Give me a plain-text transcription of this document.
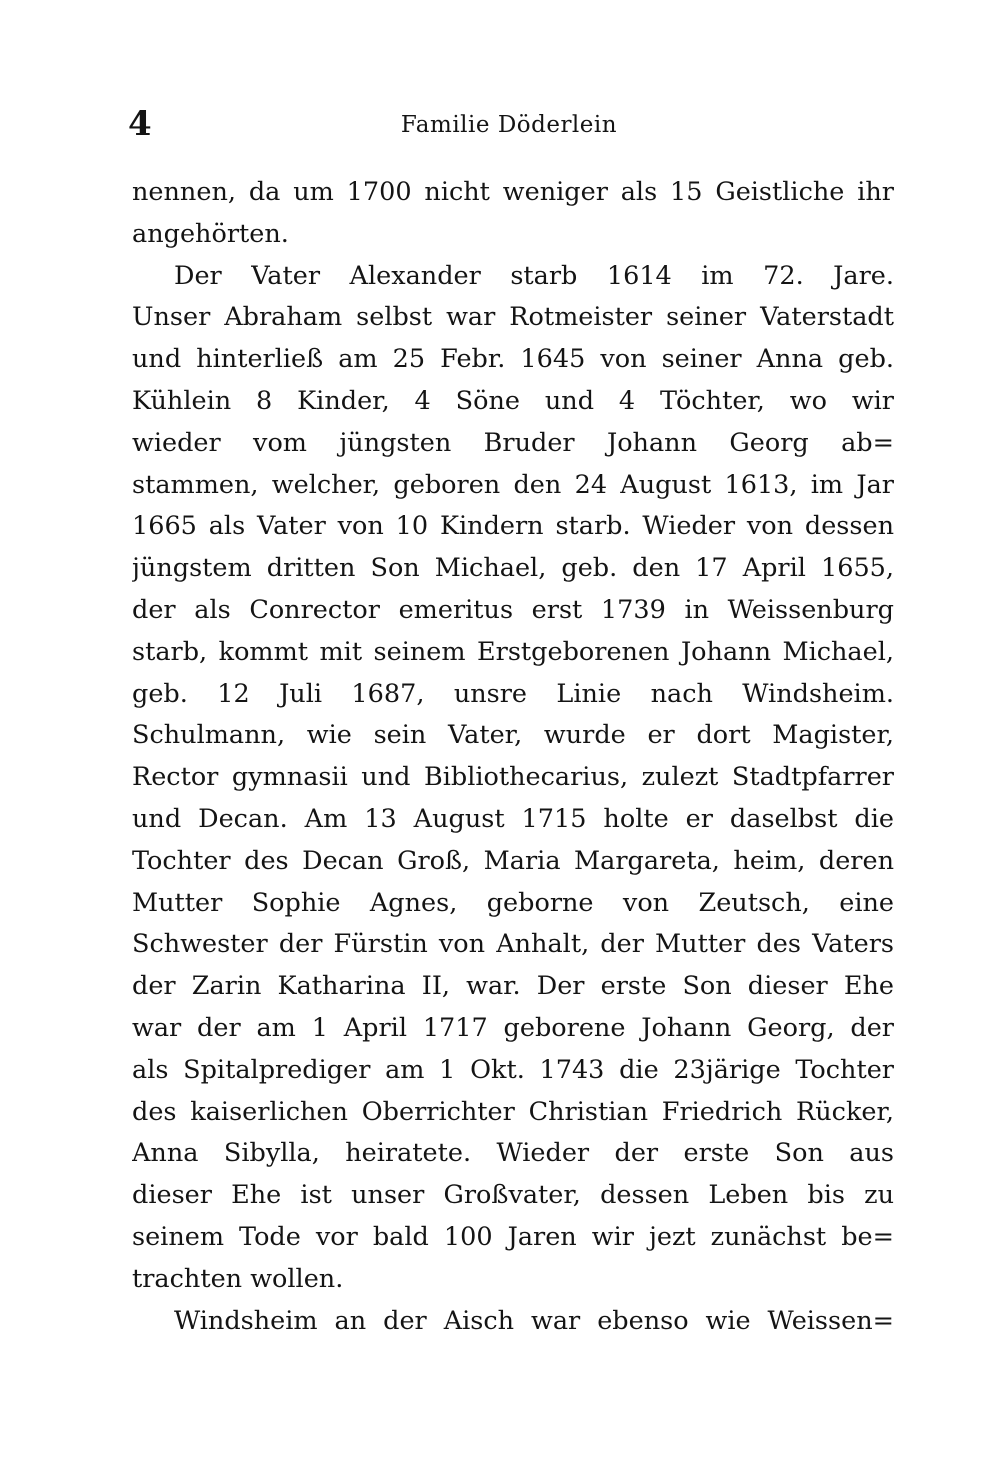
4	Familie Döderlein
nennen, da um 1700 nicht weniger als 15 Geistliche ihr
angehörten.
Der Vater Alexander starb 1614 im 72. Jare.
Unser Abraham selbst war Rotmeister seiner Vaterstadt
und hinterließ am 25 Febr. 1645 von seiner Anna geb.
Kühlein 8 Kinder, 4 Söne und 4 Töchter, wo wir
wieder vom jüngsten Bruder Johann Georg ab=
stammen, welcher, geboren den 24 August 1613, im Jar
1665 als Vater von 10 Kindern starb. Wieder von dessen
jüngstem dritten Son Michael, geb. den 17 April 1655,
der als Conrector emeritus erst 1739 in Weissenburg
starb, kommt mit seinem Erstgeborenen Johann Michael,
geb. 12 Juli 1687, unsre Linie nach Windsheim.
Schulmann, wie sein Vater, wurde er dort Magister,
Rector gymnasii und Bibliothecarius, zulezt Stadtpfarrer
und Decan. Am 13 August 1715 holte er daselbst die
Tochter des Decan Groß, Maria Margareta, heim, deren
Mutter Sophie Agnes, geborne von Zeutsch, eine
Schwester der Fürstin von Anhalt, der Mutter des Vaters
der Zarin Katharina II, war. Der erste Son dieser Ehe
war der am 1 April 1717 geborene Johann Georg, der
als Spitalprediger am 1 Okt. 1743 die 23järige Tochter
des kaiserlichen Oberrichter Christian Friedrich Rücker,
Anna Sibylla, heiratete. Wieder der erste Son aus
dieser Ehe ist unser Großvater, dessen Leben bis zu
seinem Tode vor bald 100 Jaren wir jezt zunächst be=
trachten wollen.
Windsheim an der Aisch war ebenso wie Weissen=
